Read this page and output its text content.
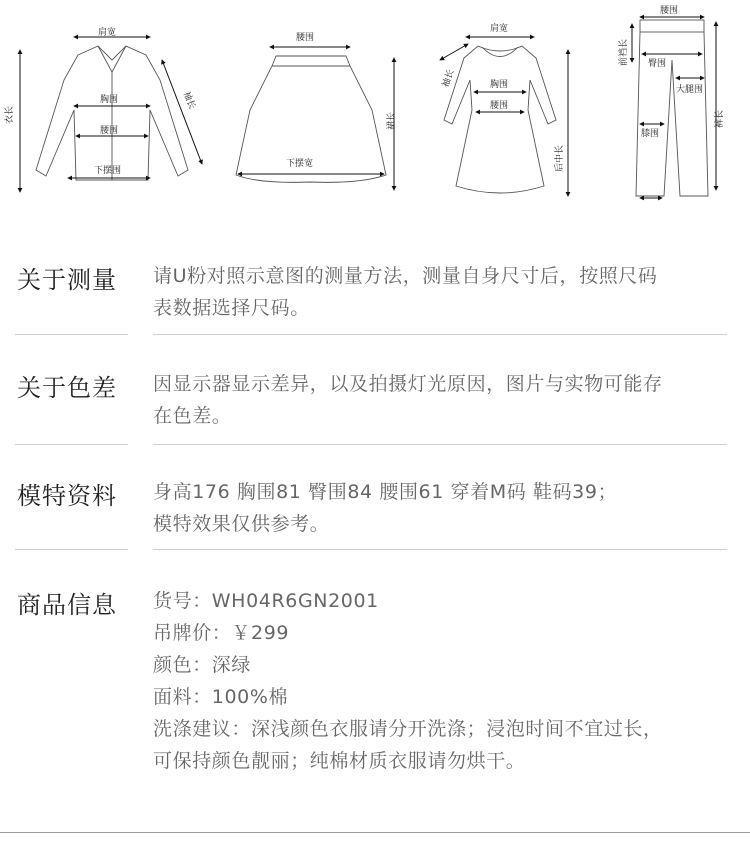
肩宽
胸围
腰围
下摆围
衣长
袖长
腰围
下摆宽
裙长
肩宽
袖长	胸围
腰围
后中长
腰围
前裆长 臀围
大腿围
裤长
膝围
关于测量 请U粉对照示意图的测量方法，测量自身尺寸后，按照尺码
表数据选择尺码。
关于色差 因显示器显示差异，以及拍摄灯光原因，图片与实物可能存
在色差。
模特资料 身高176 胸围81 臀围84 腰围61 穿着M码 鞋码39；
模特效果仅供参考。
商品信息 货号：WH04R6GN2001
吊牌价：￥299
颜色：深绿
面料：100%棉
洗涤建议：深浅颜色衣服请分开洗涤；浸泡时间不宜过长，
可保持颜色靓丽；纯棉材质衣服请勿烘干。
